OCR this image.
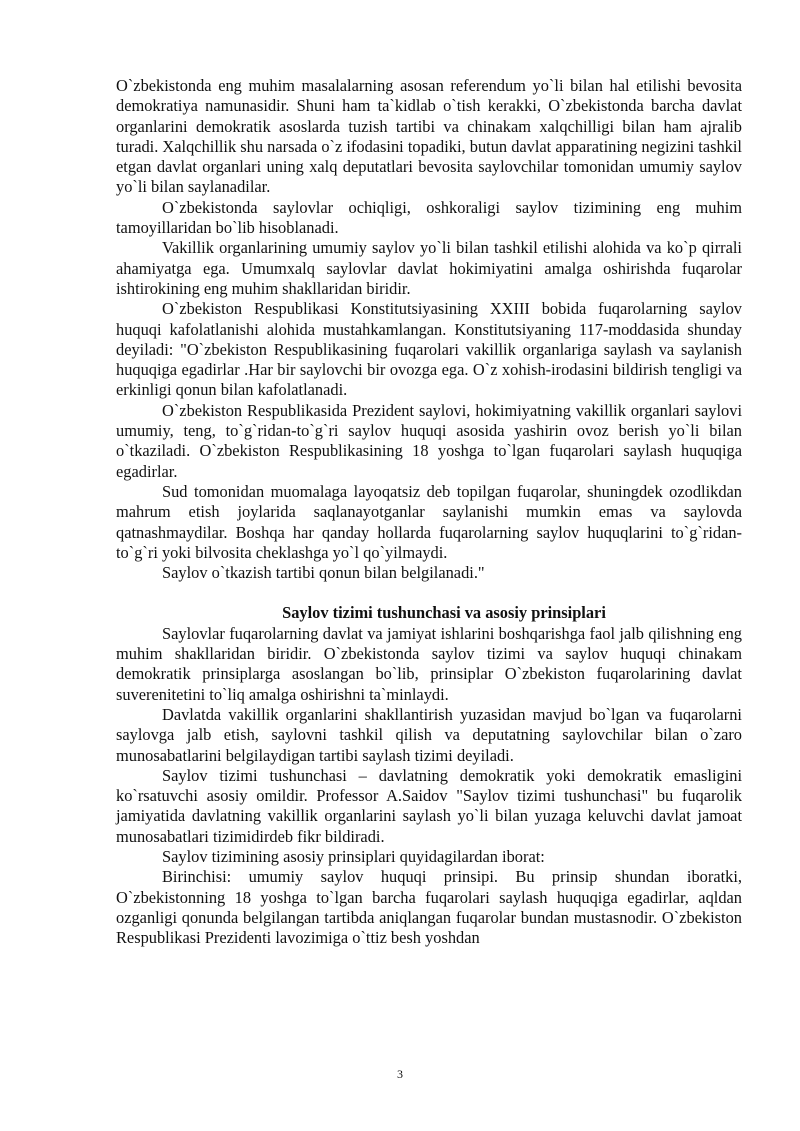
O`zbekistonda eng muhim masalalarning asosan referendum yo`li bilan hal etilishi bevosita demokratiya namunasidir. Shuni ham ta`kidlab o`tish kerakki, O`zbekistonda barcha davlat organlarini demokratik asoslarda tuzish tartibi va chinakam xalqchilligi bilan ham ajralib turadi. Xalqchillik shu narsada o`z ifodasini topadiki, butun davlat apparatining negizini tashkil etgan davlat organlari uning xalq deputatlari bevosita saylovchilar tomonidan umumiy saylov yo`li bilan saylanadilar.

O`zbekistonda saylovlar ochiqligi, oshkoraligi saylov tizimining eng muhim tamoyillaridan bo`lib hisoblanadi.

Vakillik organlarining umumiy saylov yo`li bilan tashkil etilishi alohida va ko`p qirrali ahamiyatga ega. Umumxalq saylovlar davlat hokimiyatini amalga oshirishda fuqarolar ishtirokining eng muhim shakllaridan biridir.

O`zbekiston Respublikasi Konstitutsiyasining XXIII bobida fuqarolarning saylov huquqi kafolatlanishi alohida mustahkamlangan. Konstitutsiyaning 117-moddasida shunday deyiladi: "O`zbekiston Respublikasining fuqarolari vakillik organlariga saylash va saylanish huquqiga egadirlar .Har bir saylovchi bir ovozga ega. O`z xohish-irodasini bildirish tengligi va erkinligi qonun bilan kafolatlanadi.

O`zbekiston Respublikasida Prezident saylovi, hokimiyatning vakillik organlari saylovi umumiy, teng, to`g`ridan-to`g`ri saylov huquqi asosida yashirin ovoz berish yo`li bilan o`tkaziladi. O`zbekiston Respublikasining 18 yoshga to`lgan fuqarolari saylash huquqiga egadirlar.

Sud tomonidan muomalaga layoqatsiz deb topilgan fuqarolar, shuningdek ozodlikdan mahrum etish joylarida saqlanayotganlar saylanishi mumkin emas va saylovda qatnashmaydilar. Boshqa har qanday hollarda fuqarolarning saylov huquqlarini to`g`ridan-to`g`ri yoki bilvosita cheklashga yo`l qo`yilmaydi.

Saylov o`tkazish tartibi qonun bilan belgilanadi."

Saylov tizimi tushunchasi va asosiy prinsiplari

Saylovlar fuqarolarning davlat va jamiyat ishlarini boshqarishga faol jalb qilishning eng muhim shakllaridan biridir. O`zbekistonda saylov tizimi va saylov huquqi chinakam demokratik prinsiplarga asoslangan bo`lib, prinsiplar O`zbekiston fuqarolarining davlat suverenitetini to`liq amalga oshirishni ta`minlaydi.

Davlatda vakillik organlarini shakllantirish yuzasidan mavjud bo`lgan va fuqarolarni saylovga jalb etish, saylovni tashkil qilish va deputatning saylovchilar bilan o`zaro munosabatlarini belgilaydigan tartibi saylash tizimi deyiladi.

Saylov tizimi tushunchasi – davlatning demokratik yoki demokratik emasligini ko`rsatuvchi asosiy omildir. Professor A.Saidov "Saylov tizimi tushunchasi" bu fuqarolik jamiyatida davlatning vakillik organlarini saylash yo`li bilan yuzaga keluvchi davlat jamoat munosabatlari tizimidirdeb fikr bildiradi.

Saylov tizimining asosiy prinsiplari quyidagilardan iborat:

Birinchisi: umumiy saylov huquqi prinsipi. Bu prinsip shundan iboratki, O`zbekistonning 18 yoshga to`lgan barcha fuqarolari saylash huquqiga egadirlar, aqldan ozganligi qonunda belgilangan tartibda aniqlangan fuqarolar bundan mustasnodir. O`zbekiston Respublikasi Prezidenti lavozimiga o`ttiz besh yoshdan

3
